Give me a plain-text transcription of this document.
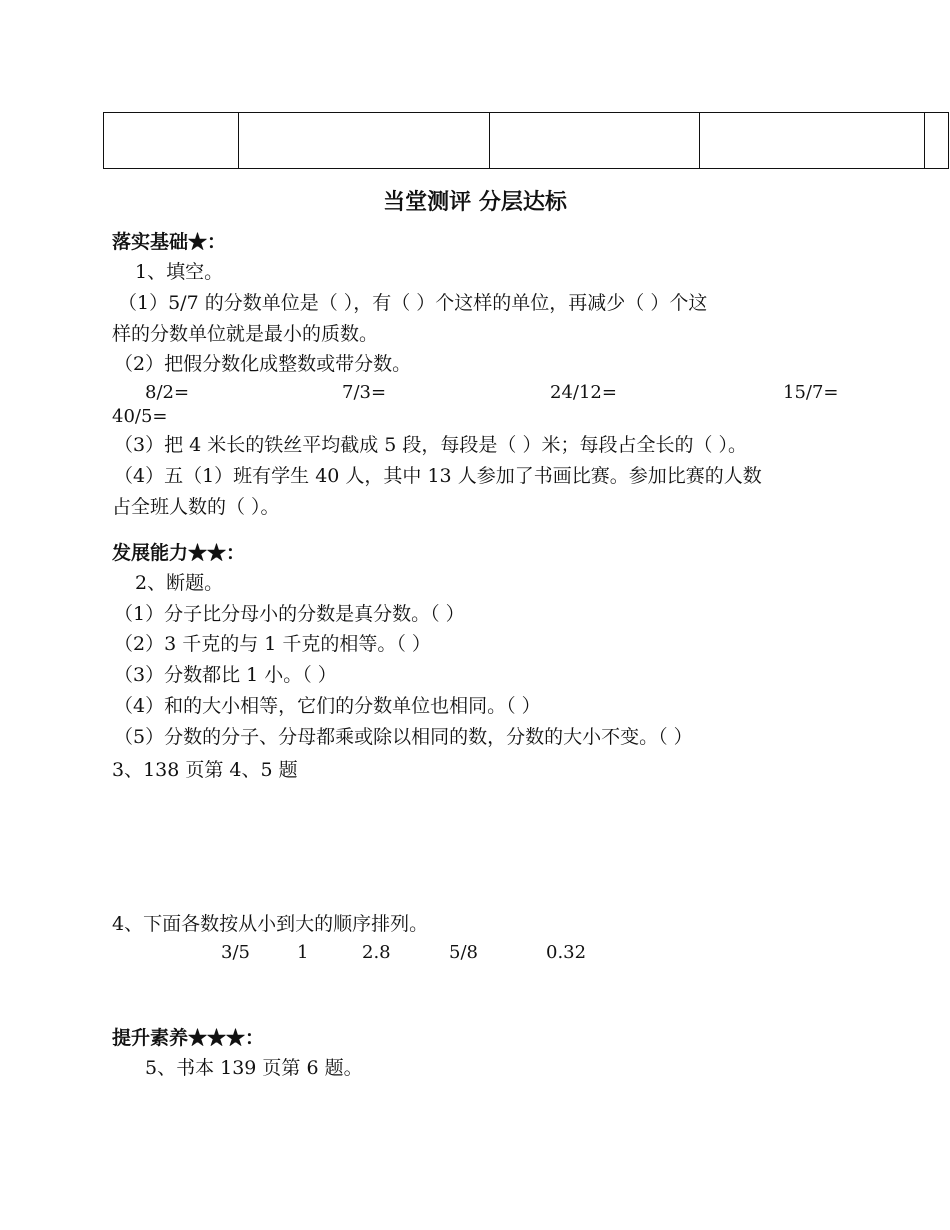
当堂测评 分层达标
落实基础★：
1、填空。
（1）5/7 的分数单位是（ ），有（ ）个这样的单位，再减少（ ）个这
样的分数单位就是最小的质数。
（2）把假分数化成整数或带分数。
8/2=	7/3=	24/12=	15/7=
40/5=
（3）把 4 米长的铁丝平均截成 5 段，每段是（ ）米；每段占全长的（ ）。
（4）五（1）班有学生 40 人，其中 13 人参加了书画比赛。参加比赛的人数
占全班人数的（ ）。
发展能力★★：
2、断题。
（1）分子比分母小的分数是真分数。（ ）
（2）3 千克的与 1 千克的相等。（ ）
（3）分数都比 1 小。（ ）
（4）和的大小相等，它们的分数单位也相同。（ ）
（5）分数的分子、分母都乘或除以相同的数，分数的大小不变。（ ）
3、138 页第 4、5 题
4、下面各数按从小到大的顺序排列。
3/5	1	2.8	5/8	0.32
提升素养★★★：
5、书本 139 页第 6 题。
